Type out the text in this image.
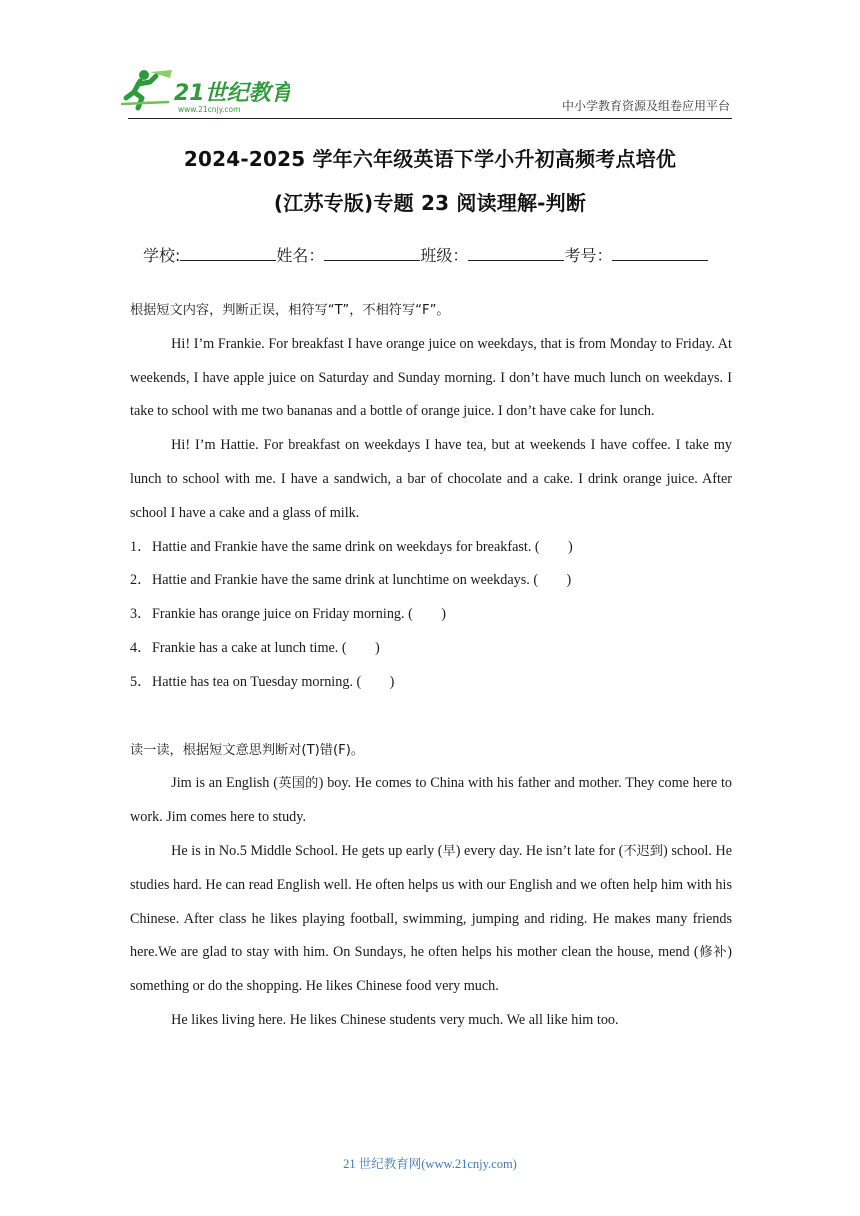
21世纪教育
www.21cnjy.com	中小学教育资源及组卷应用平台
2024-2025 学年六年级英语下学小升初高频考点培优
(江苏专版)专题 23 阅读理解-判断
学校:	姓名：	班级：	考号：

根据短文内容，判断正误，相符写“T”，不相符写“F”。

Hi! I’m Frankie. For breakfast I have orange juice on weekdays, that is from Monday to Friday. At weekends, I have apple juice on Saturday and Sunday morning. I don’t have much lunch on weekdays. I take to school with me two bananas and a bottle of orange juice. I don’t have cake for lunch.

Hi! I’m Hattie. For breakfast on weekdays I have tea, but at weekends I have coffee. I take my lunch to school with me. I have a sandwich, a bar of chocolate and a cake. I drink orange juice. After school I have a cake and a glass of milk.

1．Hattie and Frankie have the same drink on weekdays for breakfast. (  )

2．Hattie and Frankie have the same drink at lunchtime on weekdays. (  )

3．Frankie has orange juice on Friday morning. (  )

4．Frankie has a cake at lunch time. (  )

5．Hattie has tea on Tuesday morning. (  )

读一读，根据短文意思判断对(T)错(F)。

Jim is an English (英国的) boy. He comes to China with his father and mother. They come here to work. Jim comes here to study.

He is in No.5 Middle School. He gets up early (早) every day. He isn’t late for (不迟到) school. He studies hard. He can read English well. He often helps us with our English and we often help him with his Chinese. After class he likes playing football, swimming, jumping and riding. He makes many friends here.We are glad to stay with him. On Sundays, he often helps his mother clean the house, mend (修补) something or do the shopping. He likes Chinese food very much.

He likes living here. He likes Chinese students very much. We all like him too.

21 世纪教育网(www.21cnjy.com)
